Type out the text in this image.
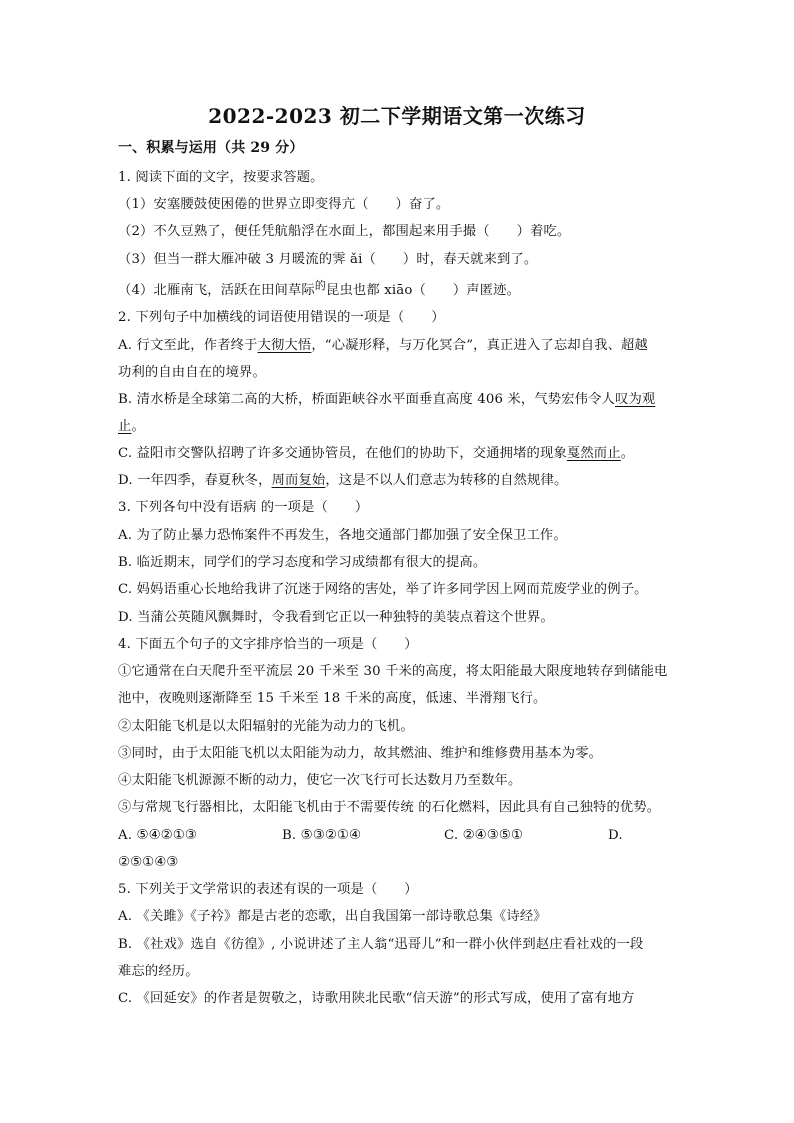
2022-2023 初二下学期语文第一次练习
一、积累与运用（共 29 分）
1. 阅读下面的文字，按要求答题。
（1）安塞腰鼓使困倦的世界立即变得亢（　　）奋了。
（2）不久豆熟了，便任凭航船浮在水面上，都围起来用手撮（　　）着吃。
（3）但当一群大雁冲破 3 月暖流的霁 ǎi（　　）时，春天就来到了。
（4）北雁南飞，活跃在田间草际$^的$昆虫也都 xiāo（　　）声匿迹。
2. 下列句子中加横线的词语使用错误的一项是（　　）
A. 行文至此，作者终于大彻大悟，“心凝形释，与万化冥合”，真正进入了忘却自我、超越
功利的自由自在的境界。
B. 清水桥是全球第二高的大桥，桥面距峡谷水平面垂直高度 406 米，气势宏伟令人叹为观
止。
C. 益阳市交警队招聘了许多交通协管员，在他们的协助下，交通拥堵的现象戛然而止。
D. 一年四季，春夏秋冬，周而复始，这是不以人们意志为转移的自然规律。
3. 下列各句中没有语病 的一项是（　　）
A. 为了防止暴力恐怖案件不再发生，各地交通部门都加强了安全保卫工作。
B. 临近期末，同学们的学习态度和学习成绩都有很大的提高。
C. 妈妈语重心长地给我讲了沉迷于网络的害处，举了许多同学因上网而荒废学业的例子。
D. 当蒲公英随风飘舞时，令我看到它正以一种独特的美装点着这个世界。
4. 下面五个句子的文字排序恰当的一项是（　　）
①它通常在白天爬升至平流层 20 千米至 30 千米的高度，将太阳能最大限度地转存到储能电
池中，夜晚则逐渐降至 15 千米至 18 千米的高度，低速、半滑翔飞行。
②太阳能飞机是以太阳辐射的光能为动力的飞机。
③同时，由于太阳能飞机以太阳能为动力，故其燃油、维护和维修费用基本为零。
④太阳能飞机源源不断的动力，使它一次飞行可长达数月乃至数年。
⑤与常规飞行器相比，太阳能飞机由于不需要传统 的石化燃料，因此具有自己独特的优势。
A. ⑤④②①③	B. ⑤③②①④	C. ②④③⑤①	D.
②⑤①④③
5. 下列关于文学常识的表述有误的一项是（　　）
A. 《关雎》《子衿》都是古老的恋歌，出自我国第一部诗歌总集《诗经》
B. 《社戏》选自《彷徨》, 小说讲述了主人翁“迅哥儿”和一群小伙伴到赵庄看社戏的一段
难忘的经历。
C. 《回延安》的作者是贺敬之，诗歌用陕北民歌“信天游”的形式写成，使用了富有地方
